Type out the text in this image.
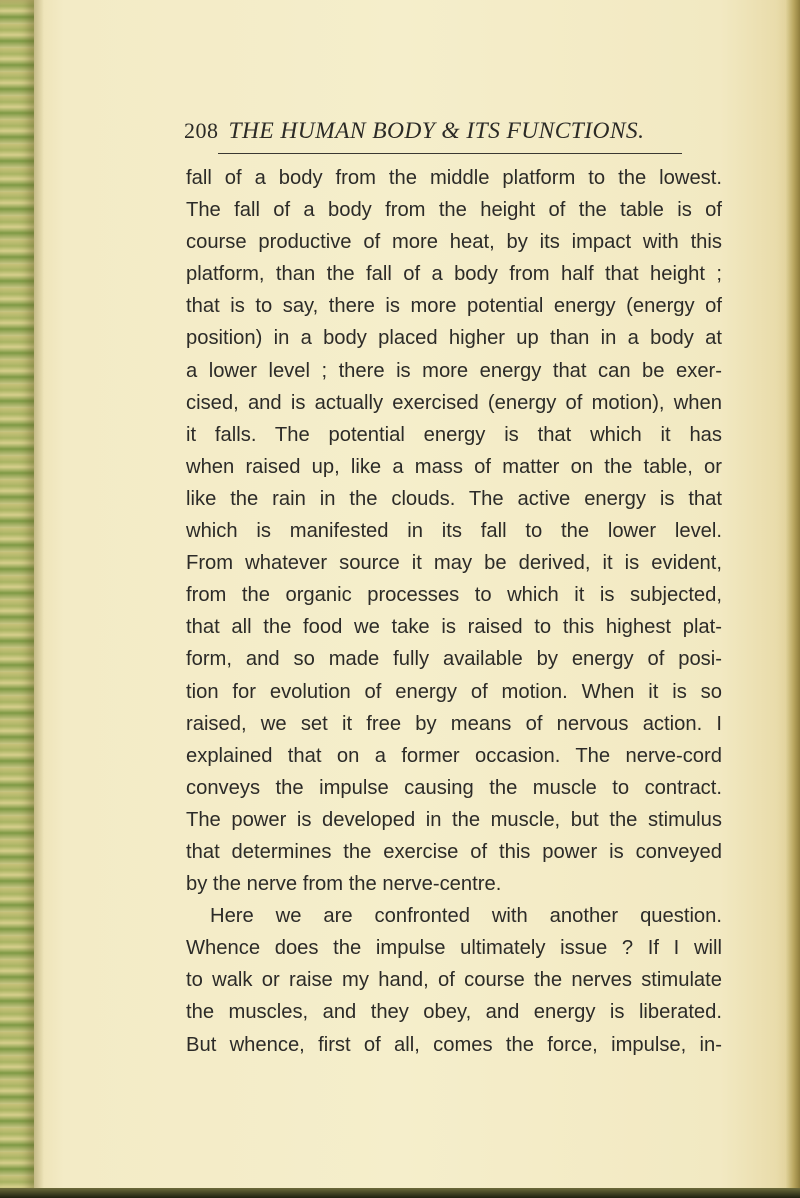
208 THE HUMAN BODY & ITS FUNCTIONS.
fall of a body from the middle platform to the lowest.
The fall of a body from the height of the table is of
course productive of more heat, by its impact with this
platform, than the fall of a body from half that height ;
that is to say, there is more potential energy (energy of
position) in a body placed higher up than in a body at
a lower level ; there is more energy that can be exer-
cised, and is actually exercised (energy of motion), when
it falls. The potential energy is that which it has
when raised up, like a mass of matter on the table, or
like the rain in the clouds. The active energy is that
which is manifested in its fall to the lower level.
From whatever source it may be derived, it is evident,
from the organic processes to which it is subjected,
that all the food we take is raised to this highest plat-
form, and so made fully available by energy of posi-
tion for evolution of energy of motion. When it is so
raised, we set it free by means of nervous action. I
explained that on a former occasion. The nerve-cord
conveys the impulse causing the muscle to contract.
The power is developed in the muscle, but the stimulus
that determines the exercise of this power is conveyed
by the nerve from the nerve-centre.
Here we are confronted with another question.
Whence does the impulse ultimately issue ? If I will
to walk or raise my hand, of course the nerves stimulate
the muscles, and they obey, and energy is liberated.
But whence, first of all, comes the force, impulse, in-
